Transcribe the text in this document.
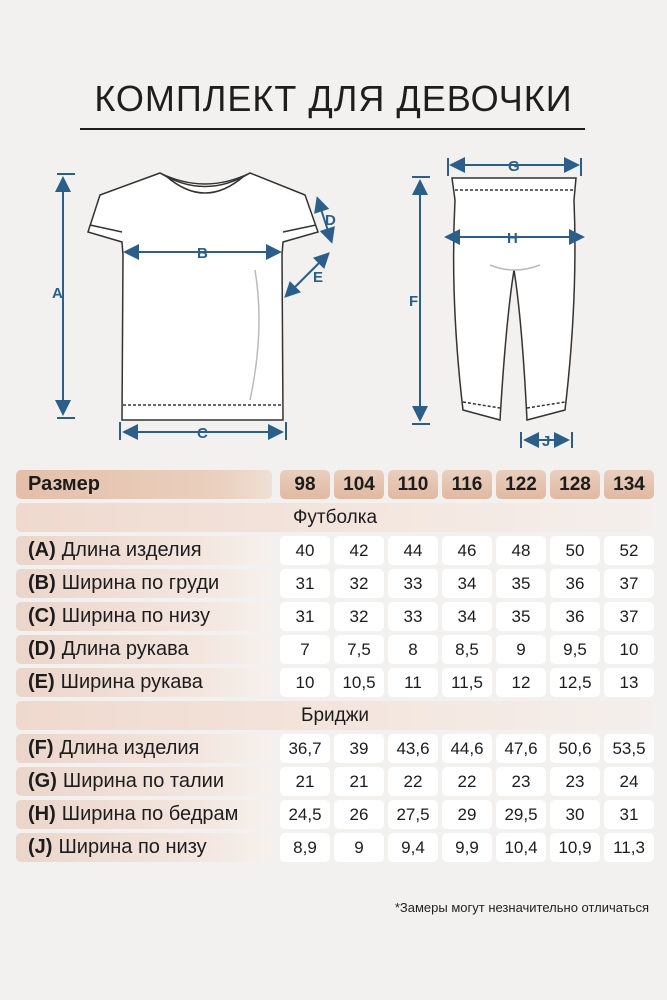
КОМПЛЕКТ ДЛЯ ДЕВОЧКИ
A
B
C
D
E
G
H
F
J
Размер	98	104	110	116	122	128	134
Футболка
(A) Длина изделия	40	42	44	46	48	50	52
(B) Ширина по груди	31	32	33	34	35	36	37
(C) Ширина по низу	31	32	33	34	35	36	37
(D) Длина рукава	7	7,5	8	8,5	9	9,5	10
(E) Ширина рукава	10	10,5	11	11,5	12	12,5	13
Бриджи
(F) Длина изделия	36,7	39	43,6	44,6	47,6	50,6	53,5
(G) Ширина по талии	21	21	22	22	23	23	24
(H) Ширина по бедрам	24,5	26	27,5	29	29,5	30	31
(J) Ширина по низу	8,9	9	9,4	9,9	10,4	10,9	11,3
*Замеры могут незначительно отличаться
